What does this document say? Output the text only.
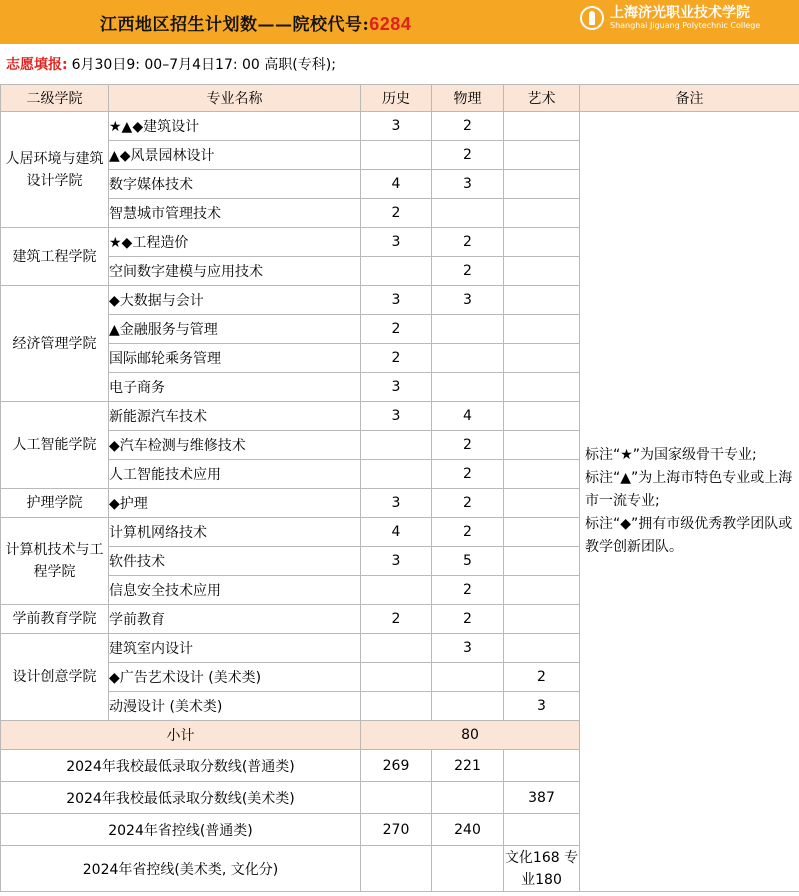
江西地区招生计划数——院校代号:6284
上海济光职业技术学院
Shanghai Jiguang Polytechnic College
志愿填报: 6月30日9: 00–7月4日17: 00 高职(专科);
二级学院	专业名称	历史	物理	艺术	备注
人居环境与建筑设计学院	★▲◆建筑设计	3	2		标注“★”为国家级骨干专业;
标注“▲”为上海市特色专业或上海市一流专业;
标注“◆”拥有市级优秀教学团队或教学创新团队。

	▲◆风景园林设计		2		
	数字媒体技术	4	3		
	智慧城市管理技术	2			
建筑工程学院	★◆工程造价	3	2		
	空间数字建模与应用技术		2		
经济管理学院	◆大数据与会计	3	3		
	▲金融服务与管理	2			
	国际邮轮乘务管理	2			
	电子商务	3			
人工智能学院	新能源汽车技术	3	4		
	◆汽车检测与维修技术		2		
	人工智能技术应用		2		
护理学院	◆护理	3	2		
计算机技术与工程学院	计算机网络技术	4	2		
	软件技术	3	5		
	信息安全技术应用		2		
学前教育学院	学前教育	2	2		
设计创意学院	建筑室内设计		3		
	◆广告艺术设计 (美术类)			2	
	动漫设计 (美术类)			3	
小计		80			
2024年我校最低录取分数线(普通类)		269	221		
2024年我校最低录取分数线(美术类)				387	
2024年省控线(普通类)		270	240		
2024年省控线(美术类, 文化分)				文化168 专业180	
